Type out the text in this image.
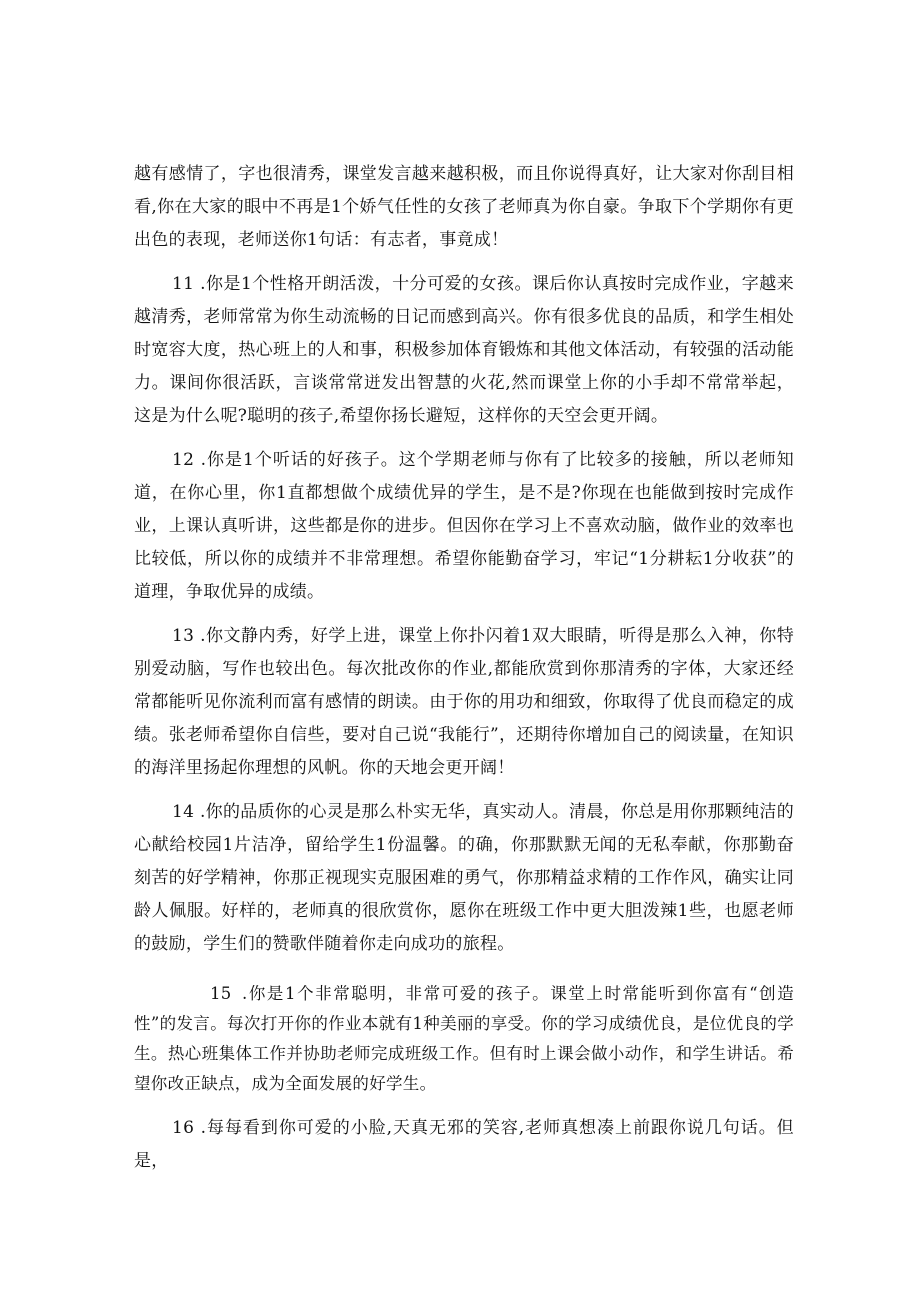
越有感情了，字也很清秀，课堂发言越来越积极，而且你说得真好，让大家对你刮目相看,你在大家的眼中不再是1个娇气任性的女孩了老师真为你自豪。争取下个学期你有更出色的表现，老师送你1句话：有志者，事竟成！

11 .你是1个性格开朗活泼，十分可爱的女孩。课后你认真按时完成作业，字越来越清秀，老师常常为你生动流畅的日记而感到高兴。你有很多优良的品质，和学生相处时宽容大度，热心班上的人和事，积极参加体育锻炼和其他文体活动，有较强的活动能力。课间你很活跃，言谈常常迸发出智慧的火花,然而课堂上你的小手却不常常举起，这是为什么呢?聪明的孩子,希望你扬长避短，这样你的天空会更开阔。

12 .你是1个听话的好孩子。这个学期老师与你有了比较多的接触，所以老师知道，在你心里，你1直都想做个成绩优异的学生，是不是?你现在也能做到按时完成作业，上课认真听讲，这些都是你的进步。但因你在学习上不喜欢动脑，做作业的效率也比较低，所以你的成绩并不非常理想。希望你能勤奋学习，牢记“1分耕耘1分收获”的道理，争取优异的成绩。

13 .你文静内秀，好学上进，课堂上你扑闪着1双大眼睛，听得是那么入神，你特别爱动脑，写作也较出色。每次批改你的作业,都能欣赏到你那清秀的字体，大家还经常都能听见你流利而富有感情的朗读。由于你的用功和细致，你取得了优良而稳定的成绩。张老师希望你自信些，要对自己说“我能行”，还期待你增加自己的阅读量，在知识的海洋里扬起你理想的风帆。你的天地会更开阔！

14 .你的品质你的心灵是那么朴实无华，真实动人。清晨，你总是用你那颗纯洁的心献给校园1片洁净，留给学生1份温馨。的确，你那默默无闻的无私奉献，你那勤奋刻苦的好学精神，你那正视现实克服困难的勇气，你那精益求精的工作作风，确实让同龄人佩服。好样的，老师真的很欣赏你，愿你在班级工作中更大胆泼辣1些，也愿老师的鼓励，学生们的赞歌伴随着你走向成功的旅程。

15 .你是1个非常聪明，非常可爱的孩子。课堂上时常能听到你富有“创造性”的发言。每次打开你的作业本就有1种美丽的享受。你的学习成绩优良，是位优良的学生。热心班集体工作并协助老师完成班级工作。但有时上课会做小动作，和学生讲话。希望你改正缺点，成为全面发展的好学生。

16 .每每看到你可爱的小脸,天真无邪的笑容,老师真想凑上前跟你说几句话。但是，
